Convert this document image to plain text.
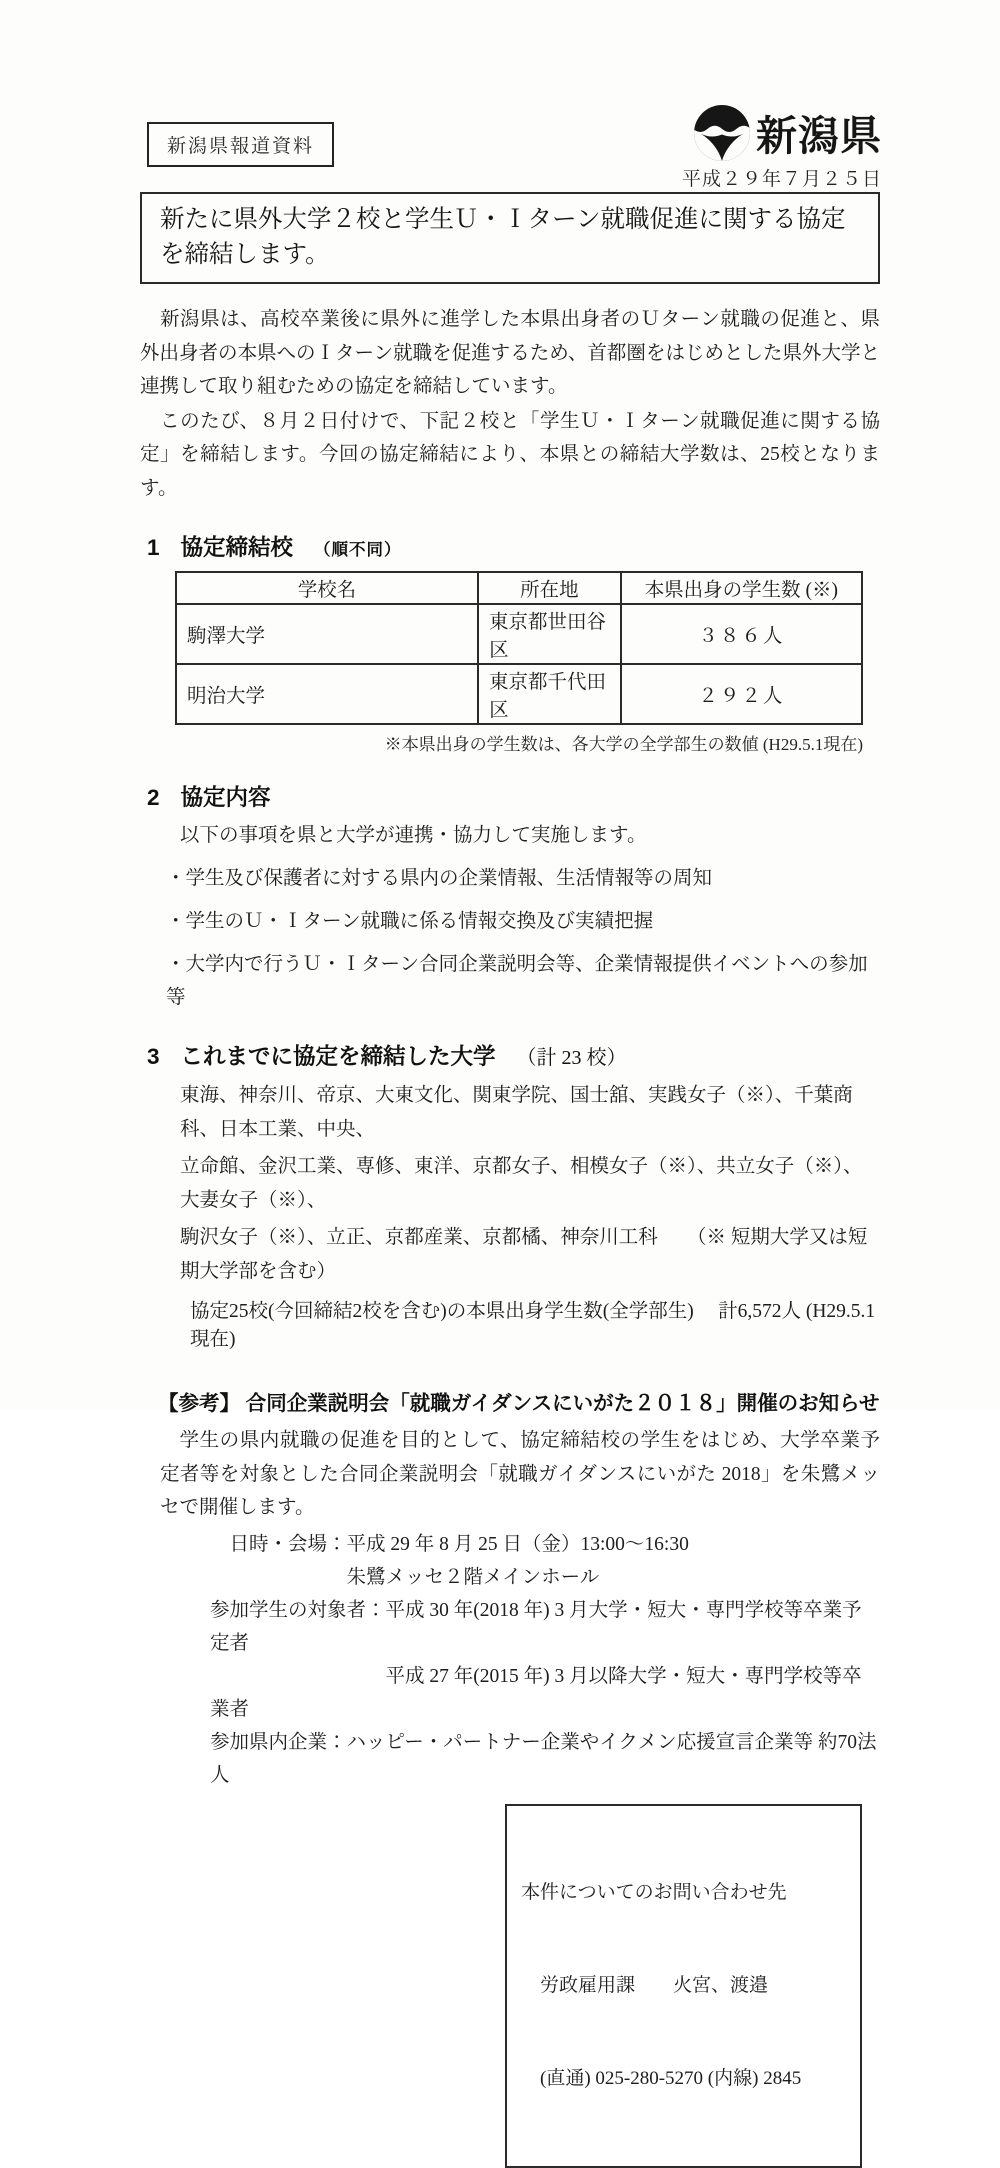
新潟県報道資料	新潟県
平成２９年７月２５日
新たに県外大学２校と学生Ｕ・Ｉターン就職促進に関する協定
を締結します。

　新潟県は、高校卒業後に県外に進学した本県出身者のＵターン就職の促進と、県外出身者の本県へのＩターン就職を促進するため、首都圏をはじめとした県外大学と連携して取り組むための協定を締結しています。

　このたび、８月２日付けで、下記２校と「学生Ｕ・Ｉターン就職促進に関する協定」を締結します。今回の協定締結により、本県との締結大学数は、25校となります。

1 協定締結校 （順不同）
学校名	所在地	本県出身の学生数 (※)
駒澤大学	東京都世田谷区	３８６人
明治大学	東京都千代田区	２９２人
※本県出身の学生数は、各大学の全学部生の数値 (H29.5.1現在)
2 協定内容
以下の事項を県と大学が連携・協力して実施します。
・学生及び保護者に対する県内の企業情報、生活情報等の周知
・学生のＵ・Ｉターン就職に係る情報交換及び実績把握
・大学内で行うＵ・Ｉターン合同企業説明会等、企業情報提供イベントへの参加　等
3 これまでに協定を締結した大学 （計 23 校）
東海、神奈川、帝京、大東文化、関東学院、国士舘、実践女子（※）、千葉商科、日本工業、中央、
立命館、金沢工業、専修、東洋、京都女子、相模女子（※）、共立女子（※）、大妻女子（※）、
駒沢女子（※）、立正、京都産業、京都橘、神奈川工科　　（※ 短期大学又は短期大学部を含む）
協定25校(今回締結2校を含む)の本県出身学生数(全学部生)　 計6,572人 (H29.5.1現在)
【参考】 合同企業説明会「就職ガイダンスにいがた２０１８」開催のお知らせ

学生の県内就職の促進を目的として、協定締結校の学生をはじめ、大学卒業予定者等を対象とした合同企業説明会「就職ガイダンスにいがた 2018」を朱鷺メッセで開催します。

　日時・会場：平成 29 年 8 月 25 日（金）13:00～16:30
　　　　　　　朱鷺メッセ２階メインホール
参加学生の対象者：平成 30 年(2018 年) 3 月大学・短大・専門学校等卒業予定者
　　　　　　　　　平成 27 年(2015 年) 3 月以降大学・短大・専門学校等卒業者
参加県内企業：ハッピー・パートナー企業やイクメン応援宣言企業等 約70法人

本件についてのお問い合わせ先

　労政雇用課　　火宮、渡邉

　(直通) 025-280-5270 (内線) 2845
